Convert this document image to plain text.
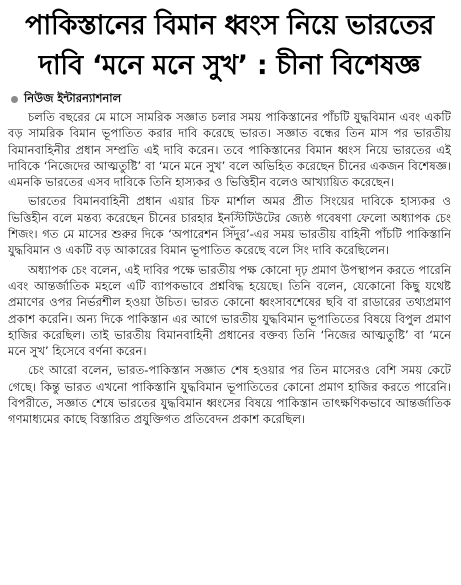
পাকিস্তানের বিমান ধ্বংস নিয়ে ভারতের
দাবি ‘মনে মনে সুখ’ : চীনা বিশেষজ্ঞ
নিউজ ইন্টারন্যাশনাল

চলতি বছরের মে মাসে সামরিক সজ্ঞাত চলার সময় পাকিস্তানের পাঁচটি যুদ্ধবিমান এবং একটি বড় সামরিক বিমান ভূপাতিত করার দাবি করেছে ভারত। সজ্ঞাত বন্ধের তিন মাস পর ভারতীয় বিমানবাহিনীর প্রধান সম্প্রতি এই দাবি করেন। তবে পাকিস্তানের বিমান ধ্বংস নিয়ে ভারতের এই দাবিকে ‘নিজেদের আত্মতুষ্টি’ বা ‘মনে মনে সুখ’ বলে অভিহিত করেছেন চীনের একজন বিশেষজ্ঞ। এমনকি ভারতের এসব দাবিকে তিনি হাস্যকর ও ভিত্তিহীন বলেও আখ্যায়িত করেছেন।

ভারতের বিমানবাহিনী প্রধান এয়ার চিফ মার্শাল অমর প্রীত সিংয়ের দাবিকে হাস্যকর ও ভিত্তিহীন বলে মন্তব্য করেছেন চীনের চারহার ইনস্টিটিউটের জ্যেষ্ঠ গবেষণা ফেলো অধ্যাপক চেং শিজং। গত মে মাসের শুরুর দিকে ‘অপারেশন সিঁদুর’-এর সময় ভারতীয় বাহিনী পাঁচটি পাকিস্তানি যুদ্ধবিমান ও একটি বড় আকারের বিমান ভূপাতিত করেছে বলে সিং দাবি করেছিলেন।

অধ্যাপক চেং বলেন, এই দাবির পক্ষে ভারতীয় পক্ষ কোনো দৃঢ় প্রমাণ উপস্থাপন করতে পারেনি এবং আন্তর্জাতিক মহলে এটি ব্যাপকভাবে প্রশ্নবিদ্ধ হয়েছে। তিনি বলেন, যেকোনো কিছু যথেষ্ট প্রমাণের ওপর নির্ভরশীল হওয়া উচিত। ভারত কোনো ধ্বংসাবশেষের ছবি বা রাডারের তথ্যপ্রমাণ প্রকাশ করেনি। অন্য দিকে পাকিস্তান এর আগে ভারতীয় যুদ্ধবিমান ভূপাতিতের বিষয়ে বিপুল প্রমাণ হাজির করেছিল। তাই ভারতীয় বিমানবাহিনী প্রধানের বক্তব্য তিনি ‘নিজের আত্মতুষ্টি’ বা ‘মনে মনে সুখ’ হিসেবে বর্ণনা করেন।

চেং আরো বলেন, ভারত-পাকিস্তান সজ্ঞাত শেষ হওয়ার পর তিন মাসেরও বেশি সময় কেটে গেছে। কিন্তু ভারত এখনো পাকিস্তানি যুদ্ধবিমান ভূপাতিতের কোনো প্রমাণ হাজির করতে পারেনি। বিপরীতে, সজ্ঞাত শেষে ভারতের যুদ্ধবিমান ধ্বংসের বিষয়ে পাকিস্তান তাৎক্ষণিকভাবে আন্তর্জাতিক গণমাধ্যমের কাছে বিস্তারিত প্রযুক্তিগত প্রতিবেদন প্রকাশ করেছিল।
